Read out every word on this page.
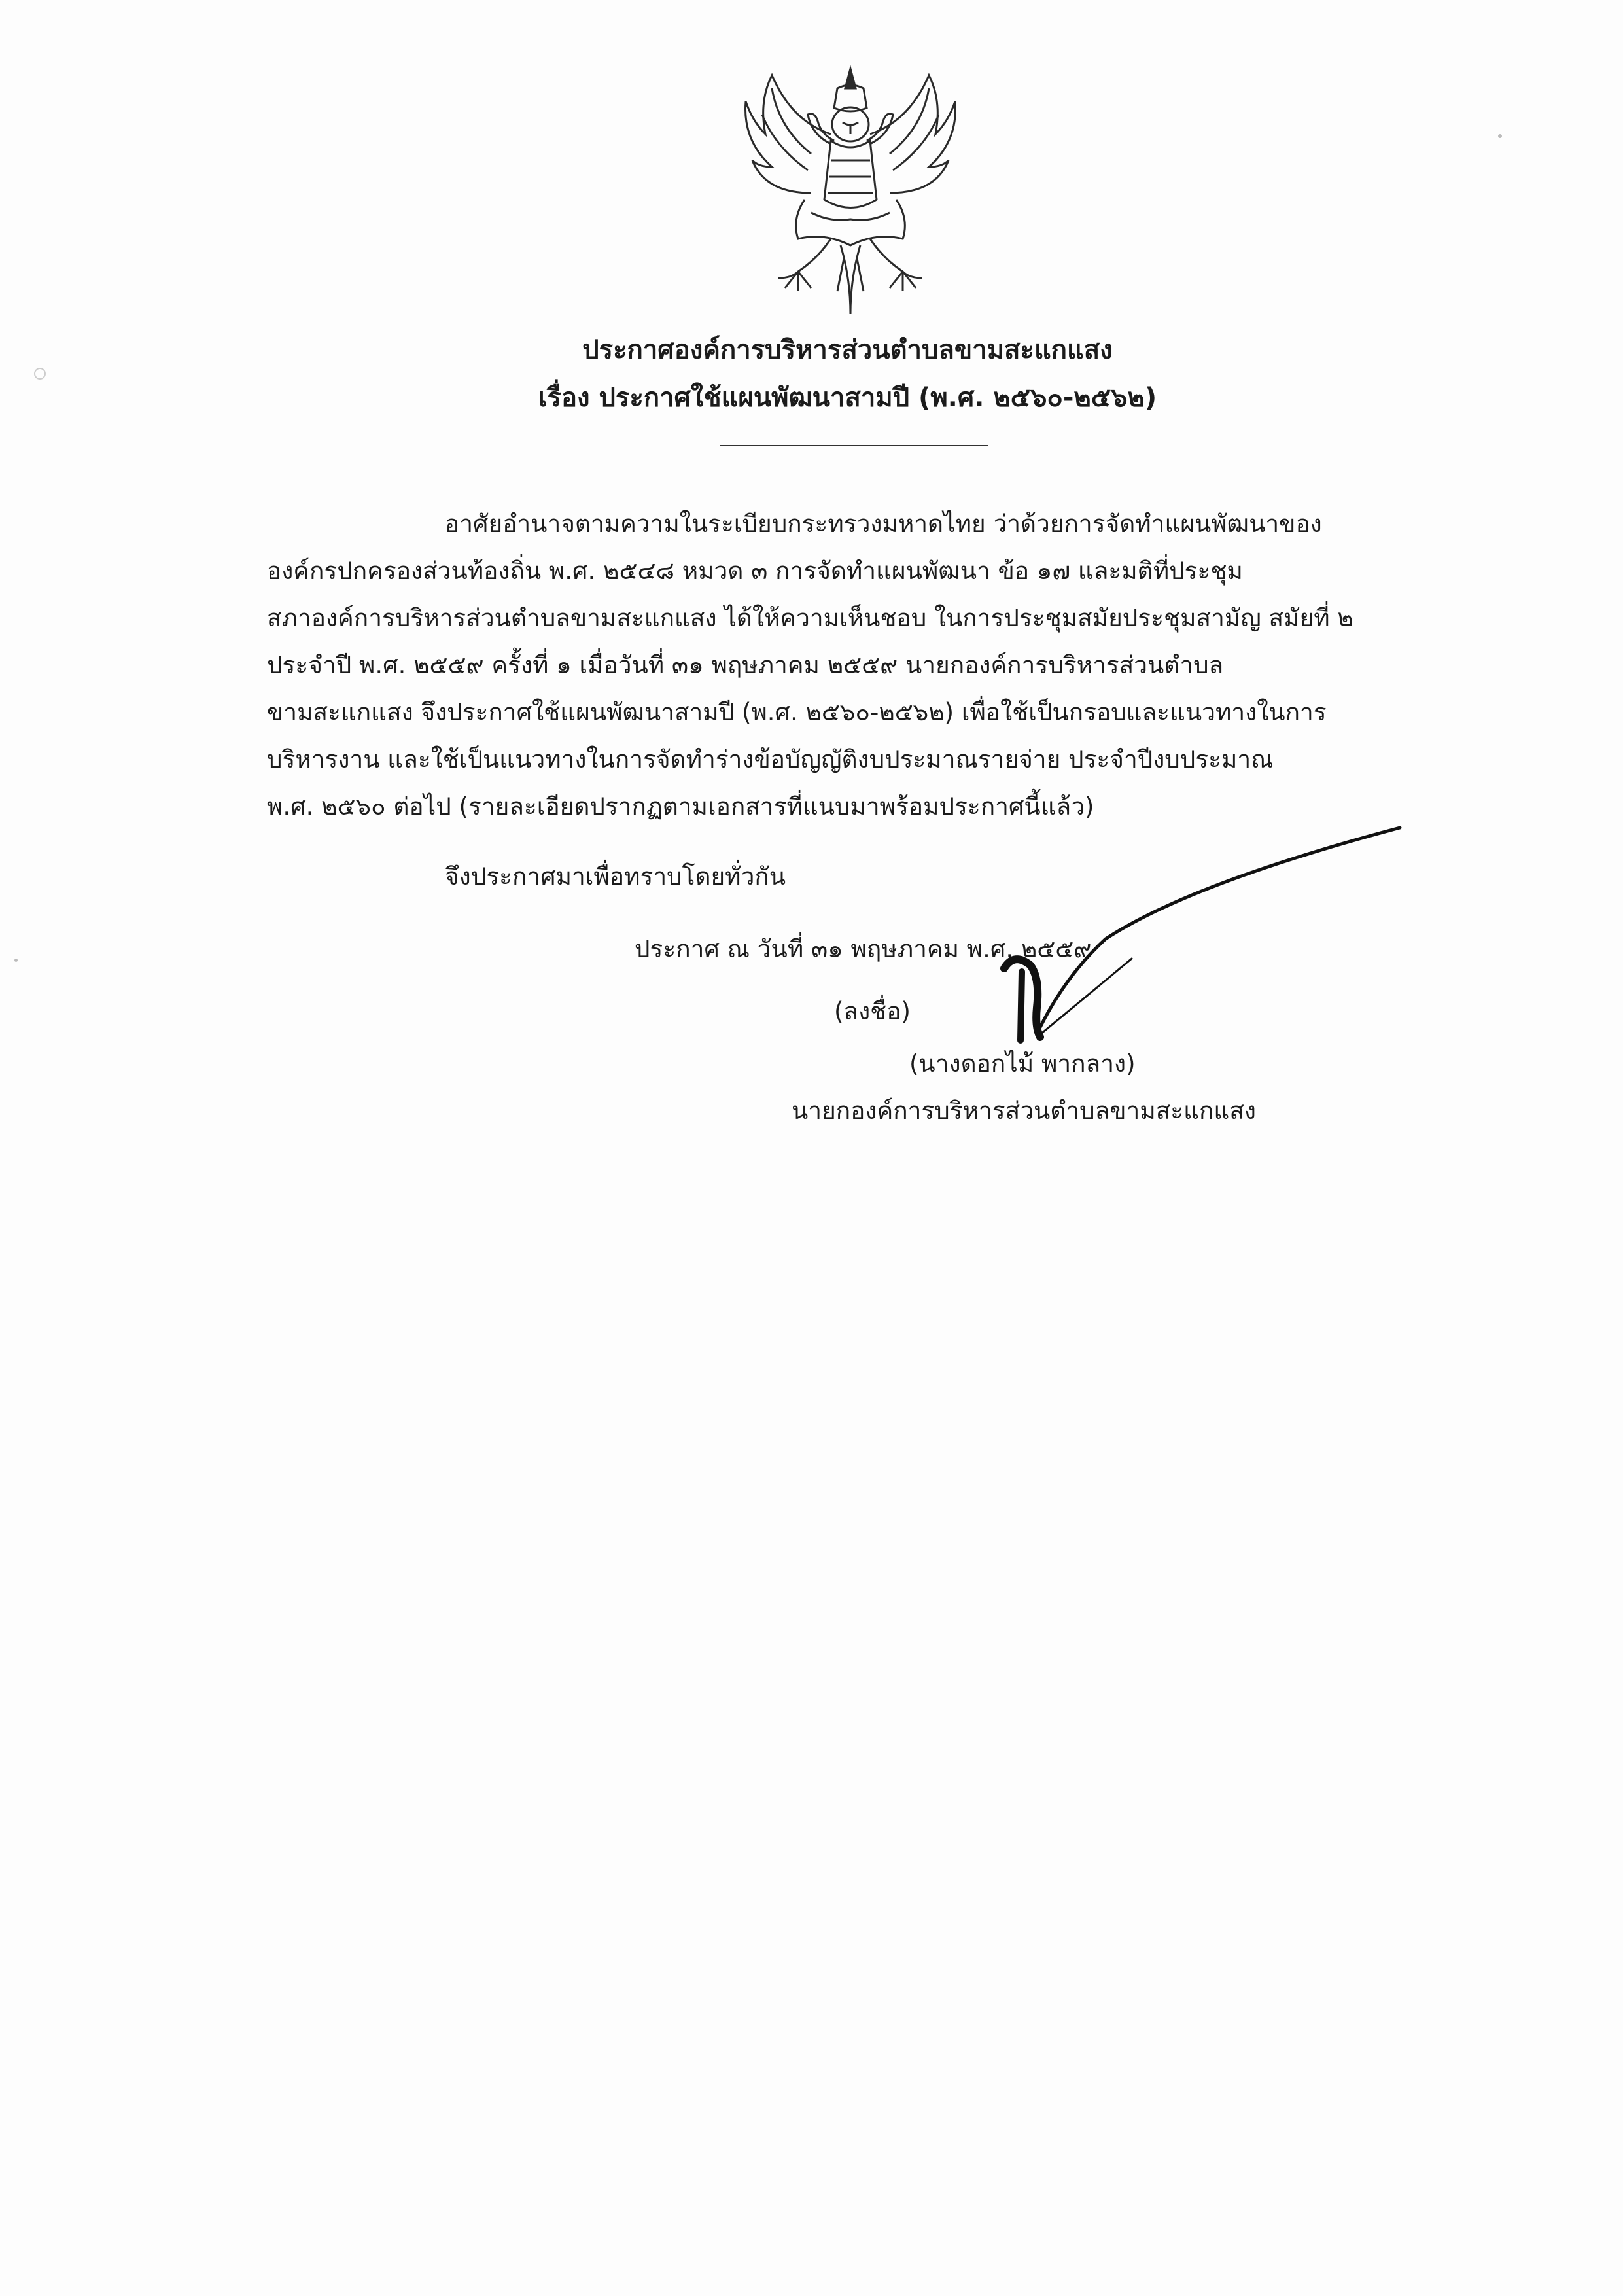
ประกาศองค์การบริหารส่วนตำบลขามสะแกแสง
เรื่อง ประกาศใช้แผนพัฒนาสามปี (พ.ศ. ๒๕๖๐-๒๕๖๒)
อาศัยอำนาจตามความในระเบียบกระทรวงมหาดไทย ว่าด้วยการจัดทำแผนพัฒนาของ
องค์กรปกครองส่วนท้องถิ่น พ.ศ. ๒๕๔๘ หมวด ๓ การจัดทำแผนพัฒนา ข้อ ๑๗ และมติที่ประชุม
สภาองค์การบริหารส่วนตำบลขามสะแกแสง ได้ให้ความเห็นชอบ ในการประชุมสมัยประชุมสามัญ สมัยที่ ๒
ประจำปี พ.ศ. ๒๕๕๙ ครั้งที่ ๑ เมื่อวันที่ ๓๑ พฤษภาคม ๒๕๕๙ นายกองค์การบริหารส่วนตำบล
ขามสะแกแสง จึงประกาศใช้แผนพัฒนาสามปี (พ.ศ. ๒๕๖๐-๒๕๖๒) เพื่อใช้เป็นกรอบและแนวทางในการ
บริหารงาน และใช้เป็นแนวทางในการจัดทำร่างข้อบัญญัติงบประมาณรายจ่าย ประจำปีงบประมาณ
พ.ศ. ๒๕๖๐ ต่อไป (รายละเอียดปรากฏตามเอกสารที่แนบมาพร้อมประกาศนี้แล้ว)
จึงประกาศมาเพื่อทราบโดยทั่วกัน
ประกาศ ณ วันที่ ๓๑ พฤษภาคม พ.ศ. ๒๕๕๙
(ลงชื่อ)
(นางดอกไม้ พากลาง)
นายกองค์การบริหารส่วนตำบลขามสะแกแสง
